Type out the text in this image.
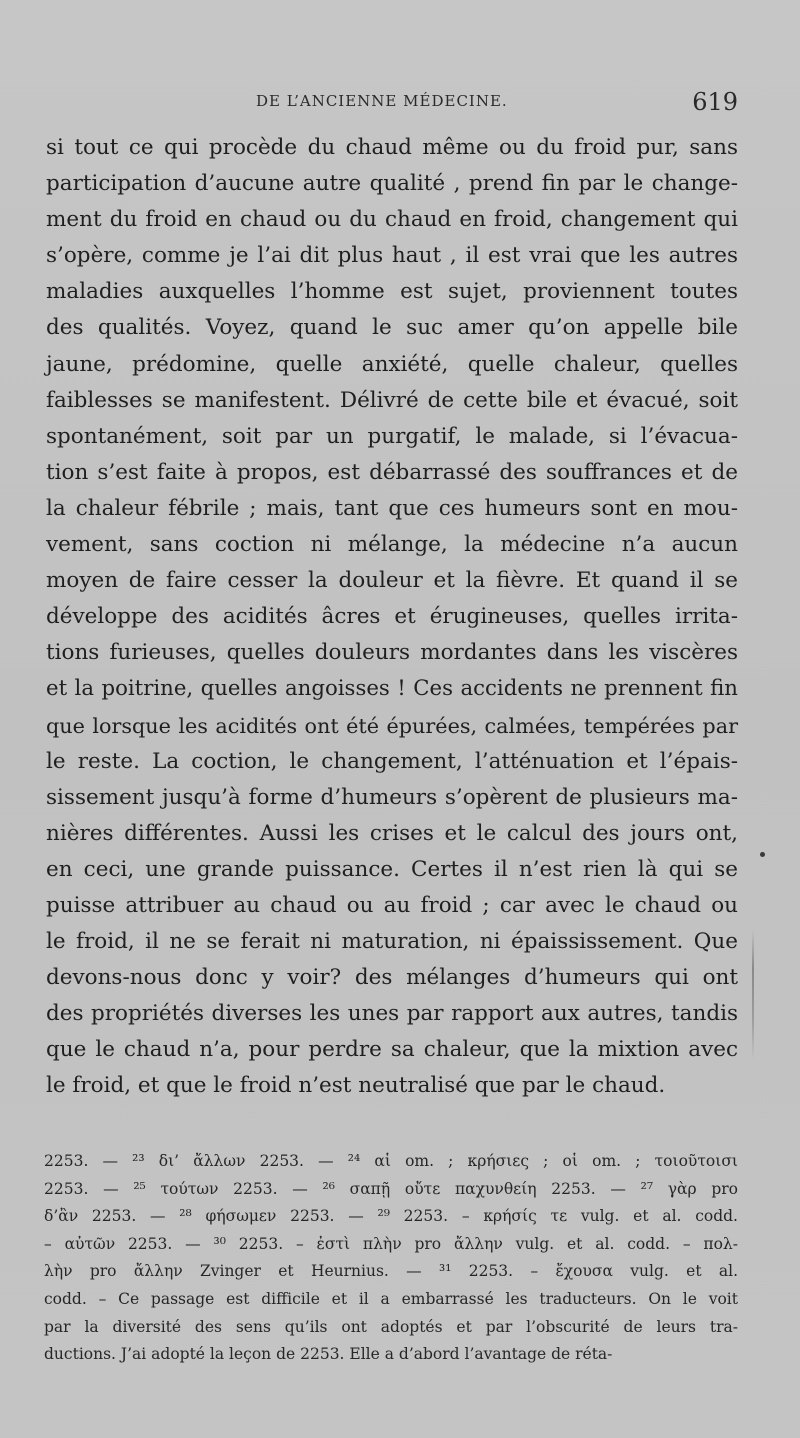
DE L’ANCIENNE MÉDECINE.	619
si tout ce qui procède du chaud même ou du froid pur, sans
participation d’aucune autre qualité , prend fin par le change-
ment du froid en chaud ou du chaud en froid, changement qui
s’opère, comme je l’ai dit plus haut , il est vrai que les autres
maladies auxquelles l’homme est sujet, proviennent toutes
des qualités. Voyez, quand le suc amer qu’on appelle bile
jaune, prédomine, quelle anxiété, quelle chaleur, quelles
faiblesses se manifestent. Délivré de cette bile et évacué, soit
spontanément, soit par un purgatif, le malade, si l’évacua-
tion s’est faite à propos, est débarrassé des souffrances et de
la chaleur fébrile ; mais, tant que ces humeurs sont en mou-
vement, sans coction ni mélange, la médecine n’a aucun
moyen de faire cesser la douleur et la fièvre. Et quand il se
développe des acidités âcres et érugineuses, quelles irrita-
tions furieuses, quelles douleurs mordantes dans les viscères
et la poitrine, quelles angoisses ! Ces accidents ne prennent fin
que lorsque les acidités ont été épurées, calmées, tempérées par
le reste. La coction, le changement, l’atténuation et l’épais-
sissement jusqu’à forme d’humeurs s’opèrent de plusieurs ma-
nières différentes. Aussi les crises et le calcul des jours ont,
en ceci, une grande puissance. Certes il n’est rien là qui se
puisse attribuer au chaud ou au froid ; car avec le chaud ou
le froid, il ne se ferait ni maturation, ni épaississement. Que
devons-nous donc y voir? des mélanges d’humeurs qui ont
des propriétés diverses les unes par rapport aux autres, tandis
que le chaud n’a, pour perdre sa chaleur, que la mixtion avec
le froid, et que le froid n’est neutralisé que par le chaud.
2253. — ²³ δι’ ἄλλων 2253. — ²⁴ αἱ om. ; κρήσιες ; οἱ om. ; τοιοῦτοισι
2253. — ²⁵ τούτων 2253. — ²⁶ σαπῇ οὔτε παχυνθείη 2253. — ²⁷ γὰρ pro
δ’ἂν 2253. — ²⁸ φήσωμεν 2253. — ²⁹ 2253. – κρήσίς τε vulg. et al. codd.
– αὐτῶν 2253. — ³⁰ 2253. – ἐστὶ πλὴν pro ἄλλην vulg. et al. codd. – πολ-
λὴν pro ἄλλην Zvinger et Heurnius. — ³¹ 2253. – ἔχουσα vulg. et al.
codd. – Ce passage est difficile et il a embarrassé les traducteurs. On le voit
par la diversité des sens qu’ils ont adoptés et par l’obscurité de leurs tra-
ductions. J’ai adopté la leçon de 2253. Elle a d’abord l’avantage de réta-
